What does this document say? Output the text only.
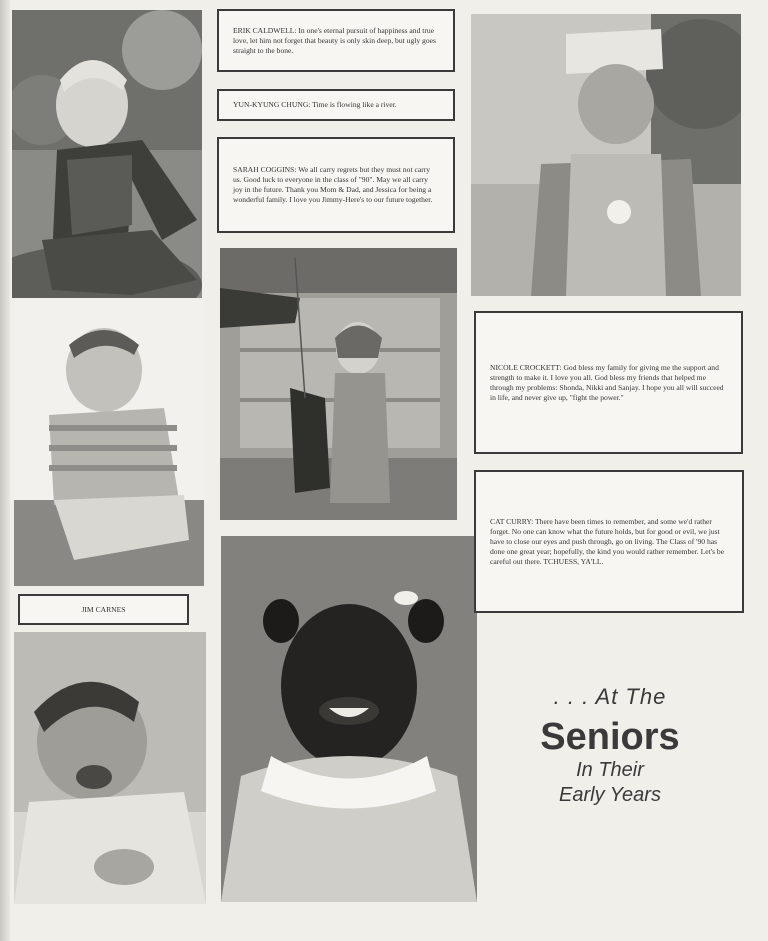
ERIK CALDWELL: In one's eternal pursuit of happiness and true love, let him not forget that beauty is only skin deep, but ugly goes straight to the bone.

YUN-KYUNG CHUNG: Time is flowing like a river.

SARAH COGGINS: We all carry regrets but they must not carry us. Good luck to everyone in the class of "90". May we all carry joy in the future. Thank you Mom & Dad, and Jessica for being a wonderful family. I love you Jimmy-Here's to our future together.

NICOLE CROCKETT: God bless my family for giving me the support and strength to make it. I love you all. God bless my friends that helped me through my problems: Shonda, Nikki and Sanjay. I hope you all will succeed in life, and never give up, "fight the power."

CAT CURRY: There have been times to remember, and some we'd rather forget. No one can know what the future holds, but for good or evil, we just have to close our eyes and push through, go on living. The Class of '90 has done one great year; hopefully, the kind you would rather remember. Let's be careful out there. TCHUESS, YA'LL.

JIM CARNES

. . . At The
Seniors
In Their
Early Years
